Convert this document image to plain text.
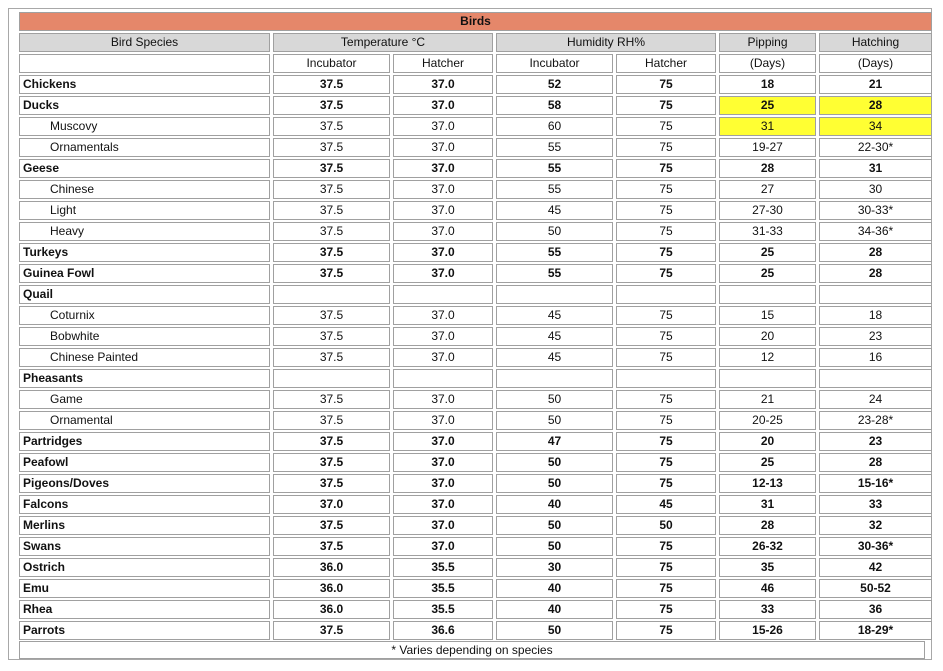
Birds						
Bird Species	Temperature °C		Humidity RH%		Pipping	Hatching
	Incubator	Hatcher	Incubator	Hatcher	(Days)	(Days)
Chickens	37.5	37.0	52	75	18	21
Ducks	37.5	37.0	58	75	25	28
Muscovy	37.5	37.0	60	75	31	34
Ornamentals	37.5	37.0	55	75	19-27	22-30*
Geese	37.5	37.0	55	75	28	31
Chinese	37.5	37.0	55	75	27	30
Light	37.5	37.0	45	75	27-30	30-33*
Heavy	37.5	37.0	50	75	31-33	34-36*
Turkeys	37.5	37.0	55	75	25	28
Guinea Fowl	37.5	37.0	55	75	25	28
Quail						
Coturnix	37.5	37.0	45	75	15	18
Bobwhite	37.5	37.0	45	75	20	23
Chinese Painted	37.5	37.0	45	75	12	16
Pheasants						
Game	37.5	37.0	50	75	21	24
Ornamental	37.5	37.0	50	75	20-25	23-28*
Partridges	37.5	37.0	47	75	20	23
Peafowl	37.5	37.0	50	75	25	28
Pigeons/Doves	37.5	37.0	50	75	12-13	15-16*
Falcons	37.0	37.0	40	45	31	33
Merlins	37.5	37.0	50	50	28	32
Swans	37.5	37.0	50	75	26-32	30-36*
Ostrich	36.0	35.5	30	75	35	42
Emu	36.0	35.5	40	75	46	50-52
Rhea	36.0	35.5	40	75	33	36
Parrots	37.5	36.6	50	75	15-26	18-29*
* Varies depending on species
